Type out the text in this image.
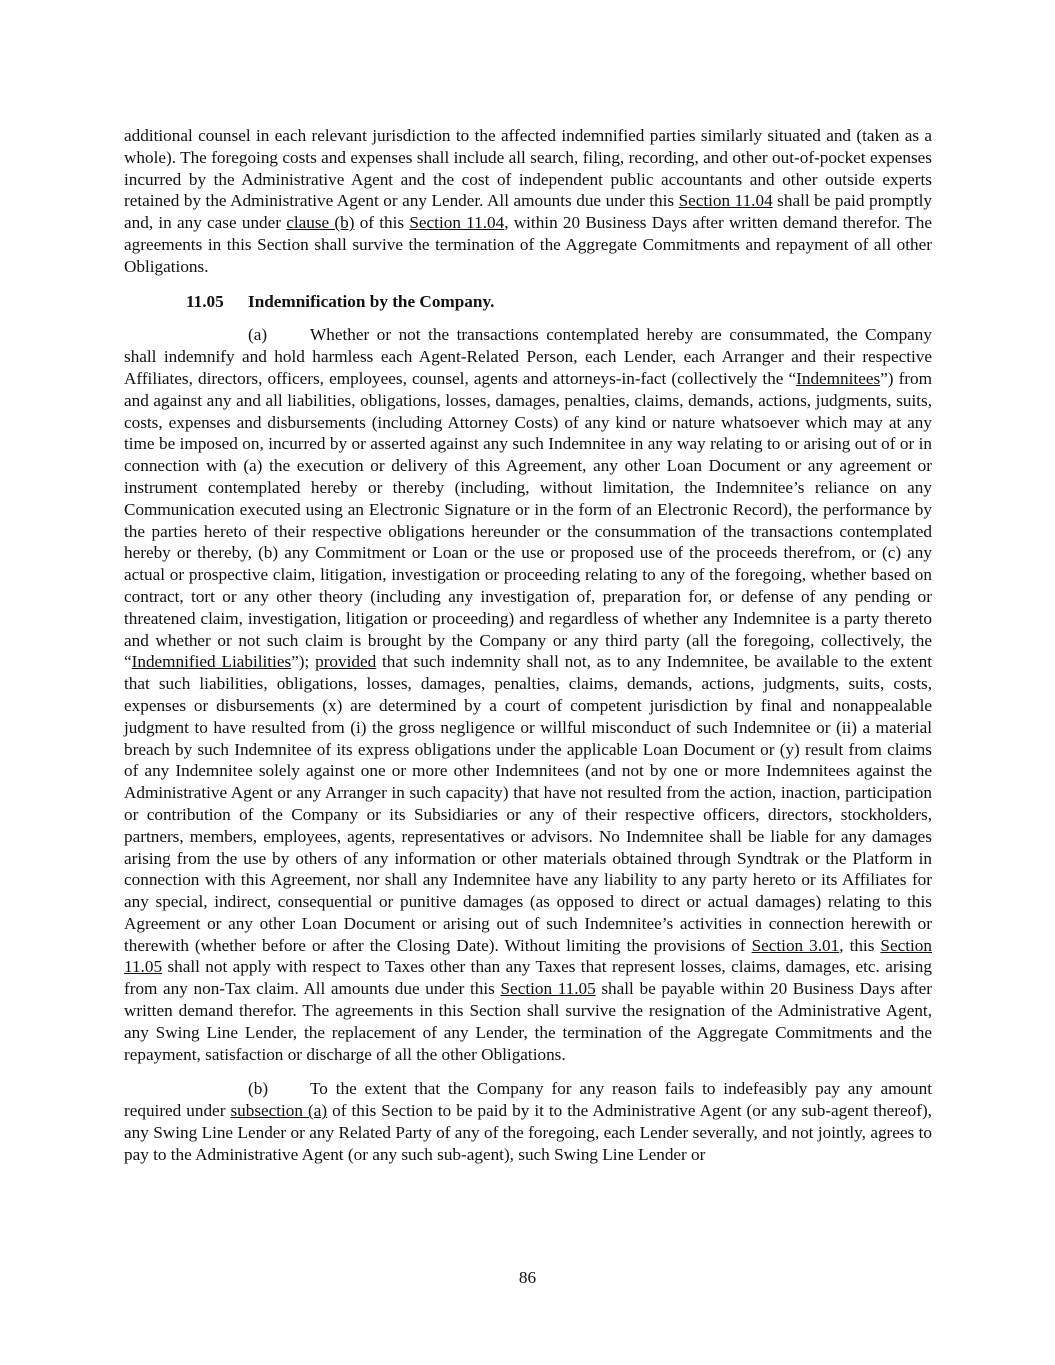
additional counsel in each relevant jurisdiction to the affected indemnified parties similarly situated and (taken as a whole). The foregoing costs and expenses shall include all search, filing, recording, and other out-of-pocket expenses incurred by the Administrative Agent and the cost of independent public accountants and other outside experts retained by the Administrative Agent or any Lender. All amounts due under this Section 11.04 shall be paid promptly and, in any case under clause (b) of this Section 11.04, within 20 Business Days after written demand therefor. The agreements in this Section shall survive the termination of the Aggregate Commitments and repayment of all other Obligations.

11.05 Indemnification by the Company.

(a) Whether or not the transactions contemplated hereby are consummated, the Company shall indemnify and hold harmless each Agent-Related Person, each Lender, each Arranger and their respective Affiliates, directors, officers, employees, counsel, agents and attorneys-in-fact (collectively the “Indemnitees”) from and against any and all liabilities, obligations, losses, damages, penalties, claims, demands, actions, judgments, suits, costs, expenses and disbursements (including Attorney Costs) of any kind or nature whatsoever which may at any time be imposed on, incurred by or asserted against any such Indemnitee in any way relating to or arising out of or in connection with (a) the execution or delivery of this Agreement, any other Loan Document or any agreement or instrument contemplated hereby or thereby (including, without limitation, the Indemnitee’s reliance on any Communication executed using an Electronic Signature or in the form of an Electronic Record), the performance by the parties hereto of their respective obligations hereunder or the consummation of the transactions contemplated hereby or thereby, (b) any Commitment or Loan or the use or proposed use of the proceeds therefrom, or (c) any actual or prospective claim, litigation, investigation or proceeding relating to any of the foregoing, whether based on contract, tort or any other theory (including any investigation of, preparation for, or defense of any pending or threatened claim, investigation, litigation or proceeding) and regardless of whether any Indemnitee is a party thereto and whether or not such claim is brought by the Company or any third party (all the foregoing, collectively, the “Indemnified Liabilities”); provided that such indemnity shall not, as to any Indemnitee, be available to the extent that such liabilities, obligations, losses, damages, penalties, claims, demands, actions, judgments, suits, costs, expenses or disbursements (x) are determined by a court of competent jurisdiction by final and nonappealable judgment to have resulted from (i) the gross negligence or willful misconduct of such Indemnitee or (ii) a material breach by such Indemnitee of its express obligations under the applicable Loan Document or (y) result from claims of any Indemnitee solely against one or more other Indemnitees (and not by one or more Indemnitees against the Administrative Agent or any Arranger in such capacity) that have not resulted from the action, inaction, participation or contribution of the Company or its Subsidiaries or any of their respective officers, directors, stockholders, partners, members, employees, agents, representatives or advisors. No Indemnitee shall be liable for any damages arising from the use by others of any information or other materials obtained through Syndtrak or the Platform in connection with this Agreement, nor shall any Indemnitee have any liability to any party hereto or its Affiliates for any special, indirect, consequential or punitive damages (as opposed to direct or actual damages) relating to this Agreement or any other Loan Document or arising out of such Indemnitee’s activities in connection herewith or therewith (whether before or after the Closing Date). Without limiting the provisions of Section 3.01, this Section 11.05 shall not apply with respect to Taxes other than any Taxes that represent losses, claims, damages, etc. arising from any non-Tax claim. All amounts due under this Section 11.05 shall be payable within 20 Business Days after written demand therefor. The agreements in this Section shall survive the resignation of the Administrative Agent, any Swing Line Lender, the replacement of any Lender, the termination of the Aggregate Commitments and the repayment, satisfaction or discharge of all the other Obligations.

(b) To the extent that the Company for any reason fails to indefeasibly pay any amount required under subsection (a) of this Section to be paid by it to the Administrative Agent (or any sub-agent thereof), any Swing Line Lender or any Related Party of any of the foregoing, each Lender severally, and not jointly, agrees to pay to the Administrative Agent (or any such sub-agent), such Swing Line Lender or

86
